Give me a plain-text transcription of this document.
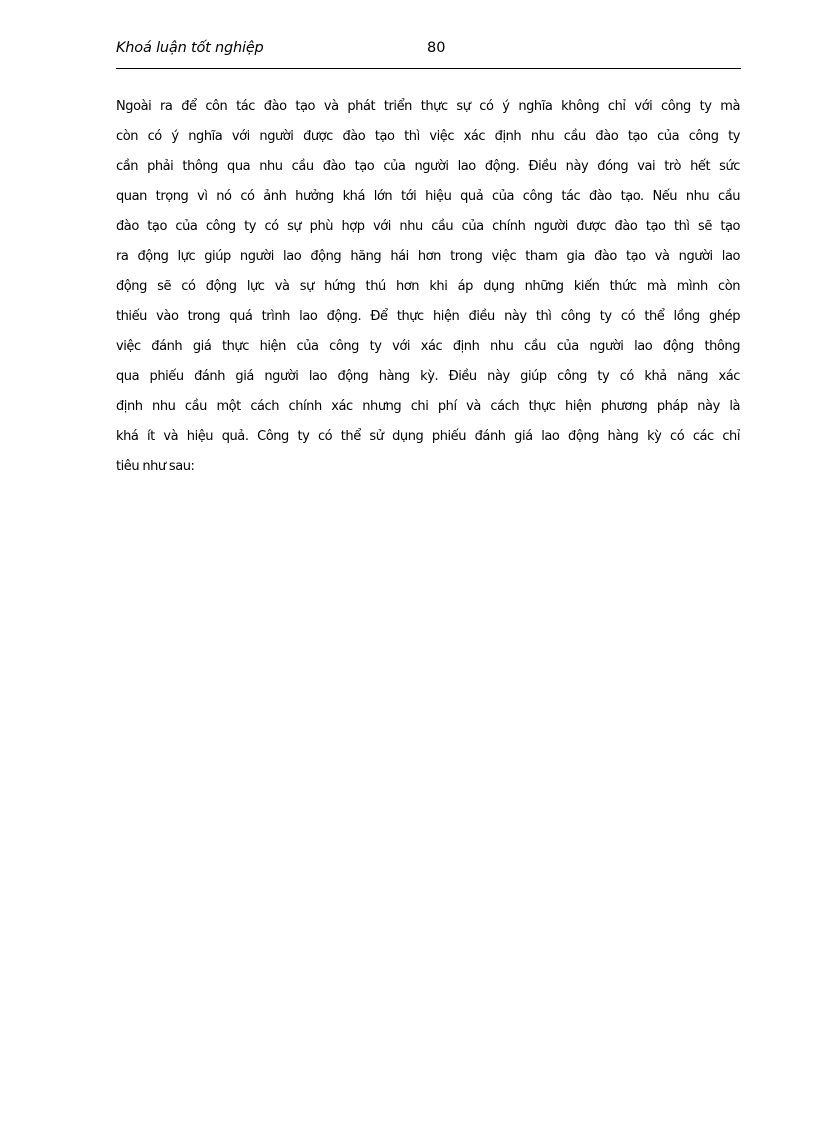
Khoá luận tốt nghiệp	80
Ngoài ra để côn tác đào tạo và phát triển thực sự có ý nghĩa không chỉ với công ty mà
còn có ý nghĩa với người được đào tạo thì việc xác định nhu cầu đào tạo của công ty
cần phải thông qua nhu cầu đào tạo của người lao động. Điều này đóng vai trò hết sức
quan trọng vì nó có ảnh hưởng khá lớn tới hiệu quả của công tác đào tạo. Nếu nhu cầu
đào tạo của công ty có sự phù hợp với nhu cầu của chính người được đào tạo thì sẽ tạo
ra động lực giúp người lao động hăng hái hơn trong việc tham gia đào tạo và người lao
động sẽ có động lực và sự hứng thú hơn khi áp dụng những kiến thức mà mình còn
thiếu vào trong quá trình lao động. Để thực hiện điều này thì công ty có thể lồng ghép
việc đánh giá thực hiện của công ty với xác định nhu cầu của người lao động thông
qua phiếu đánh giá người lao động hàng kỳ. Điều này giúp công ty có khả năng xác
định nhu cầu một cách chính xác nhưng chi phí và cách thực hiện phương pháp này là
khá ít và hiệu quả. Công ty có thể sử dụng phiếu đánh giá lao động hàng kỳ có các chỉ
tiêu như sau:
